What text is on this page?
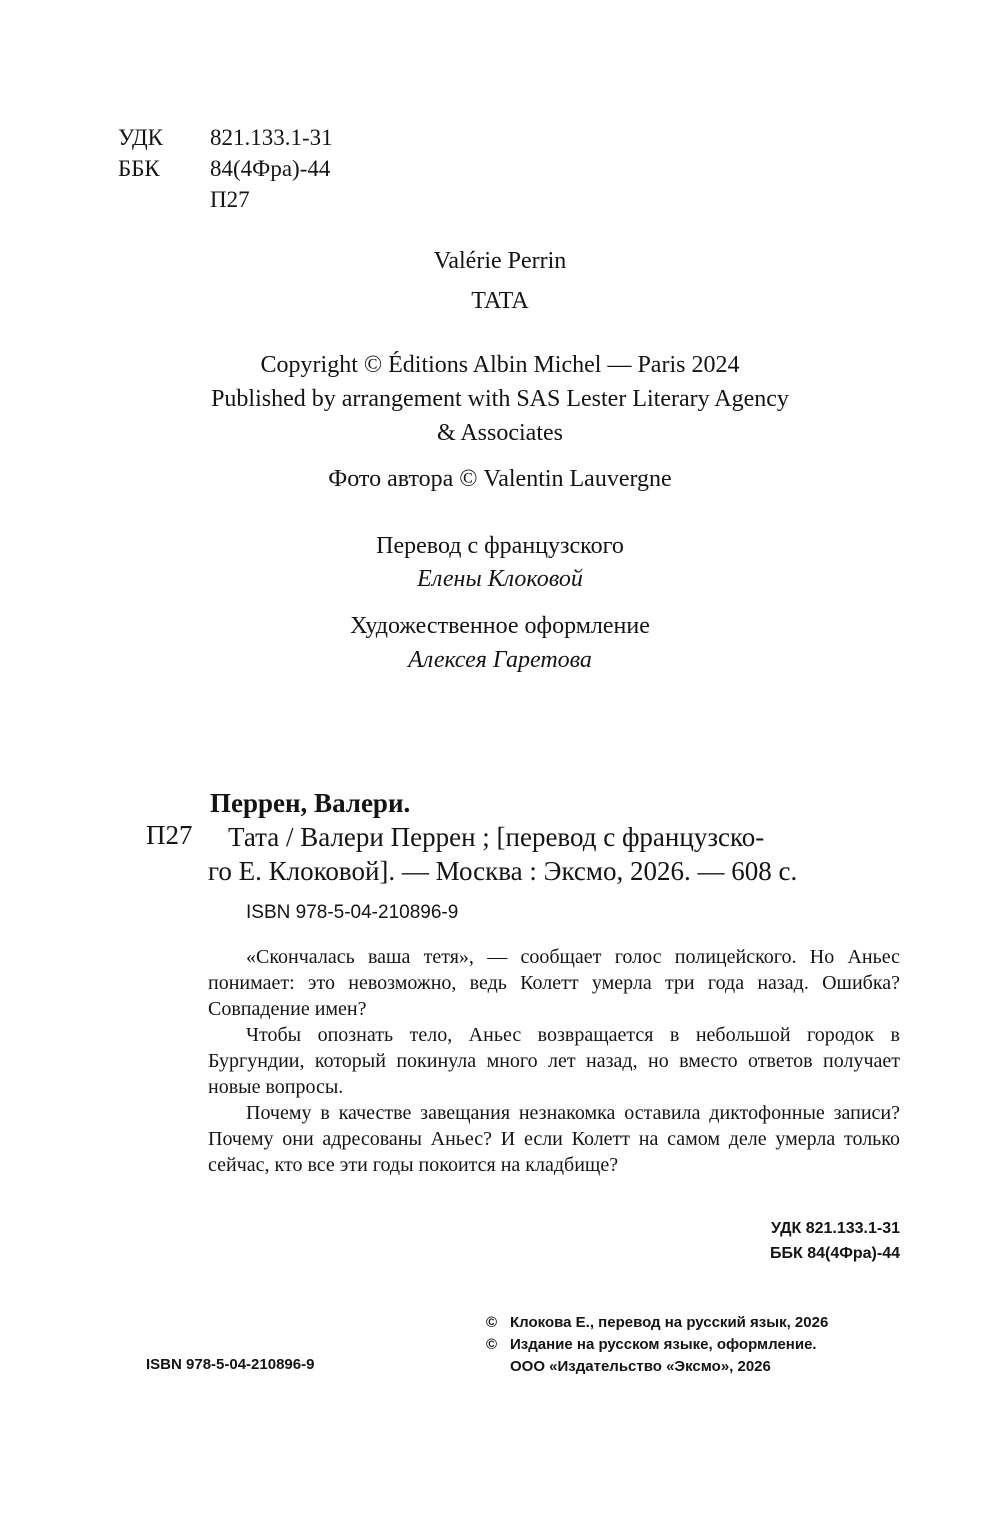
УДК	821.133.1-31
ББК	84(4Фра)-44
П27
Valérie Perrin
TATA
Copyright © Éditions Albin Michel — Paris 2024
Published by arrangement with SAS Lester Literary Agency
& Associates
Фото автора © Valentin Lauvergne
Перевод с французского
Елены Клоковой
Художественное оформление
Алексея Гаретова
Перрен, Валери.
П27 Тата / Валери Перрен ; [перевод с французско-
го Е. Клоковой]. — Москва : Эксмо, 2026. — 608 с.
ISBN 978-5-04-210896-9

«Скончалась ваша тетя», — сообщает голос полицейского. Но Аньес понимает: это невозможно, ведь Колетт умерла три года назад. Ошибка? Совпадение имен?

Чтобы опознать тело, Аньес возвращается в небольшой городок в Бургундии, который покинула много лет назад, но вместо ответов получает новые вопросы.

Почему в качестве завещания незнакомка оставила диктофонные записи? Почему они адресованы Аньес? И если Колетт на самом деле умерла только сейчас, кто все эти годы покоится на кладбище?

УДК 821.133.1-31
ББК 84(4Фра)-44
© Клокова Е., перевод на русский язык, 2026
© Издание на русском языке, оформление.
ООО «Издательство «Эксмо», 2026
ISBN 978-5-04-210896-9
